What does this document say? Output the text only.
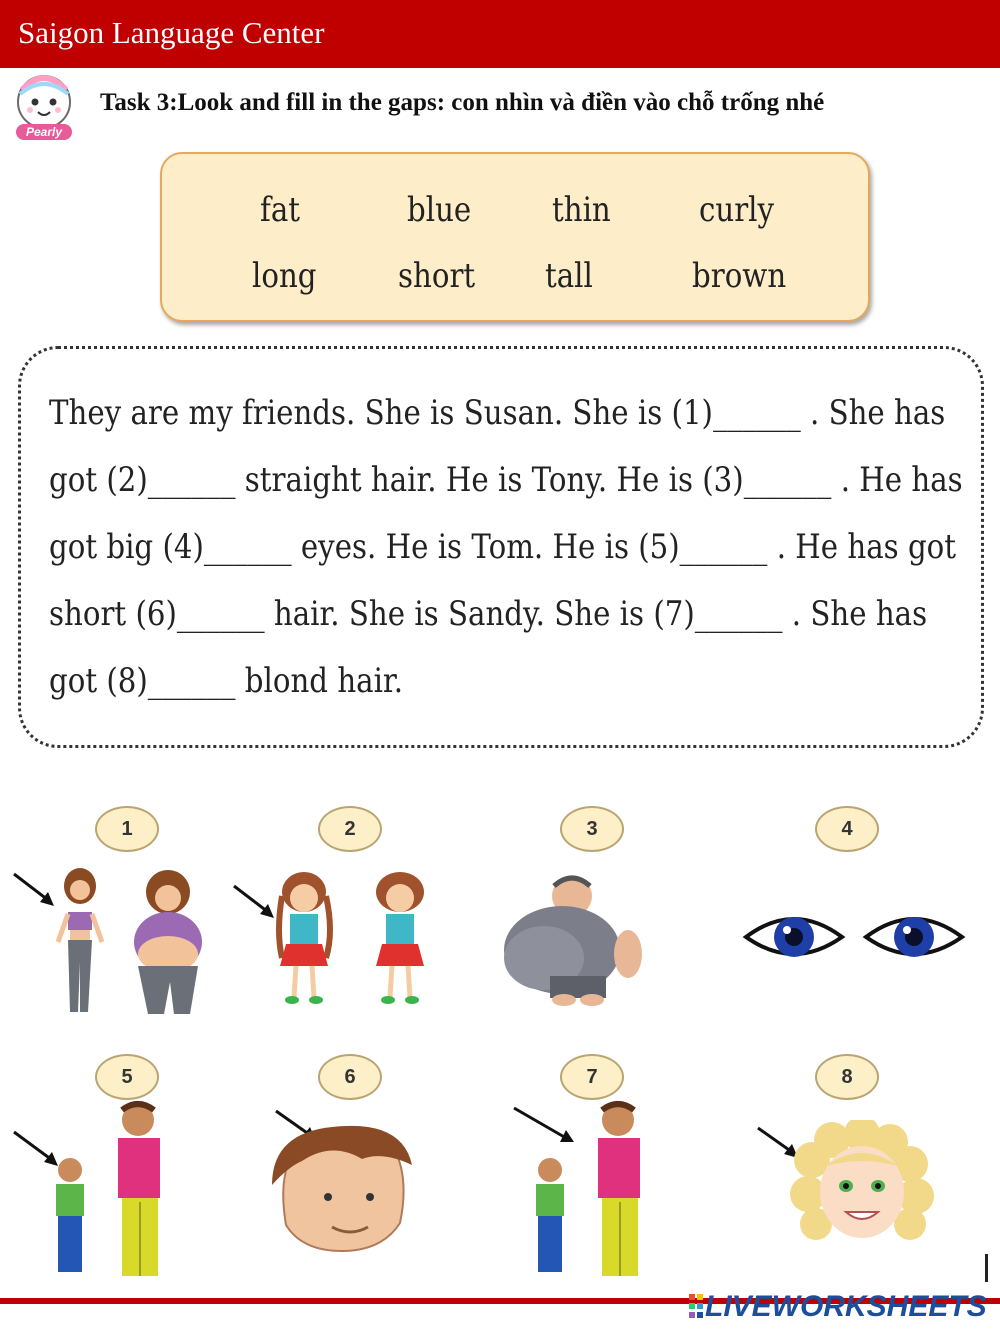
Saigon Language Center
Pearly
Task 3:Look and fill in the gaps: con nhìn và điền vào chỗ trống nhé
fat	blue thin	curly
long short tall	brown
They are my friends. She is Susan. She is (1)______ . She has
got (2)______ straight hair. He is Tony. He is (3)______ . He has
got big (4)______ eyes. He is Tom. He is (5)______ . He has got
short (6)______ hair. She is Sandy. She is (7)______ . She has
got (8)______ blond hair.
1	2	3	4
5	6	7	8
LIVEWORKSHEETS
